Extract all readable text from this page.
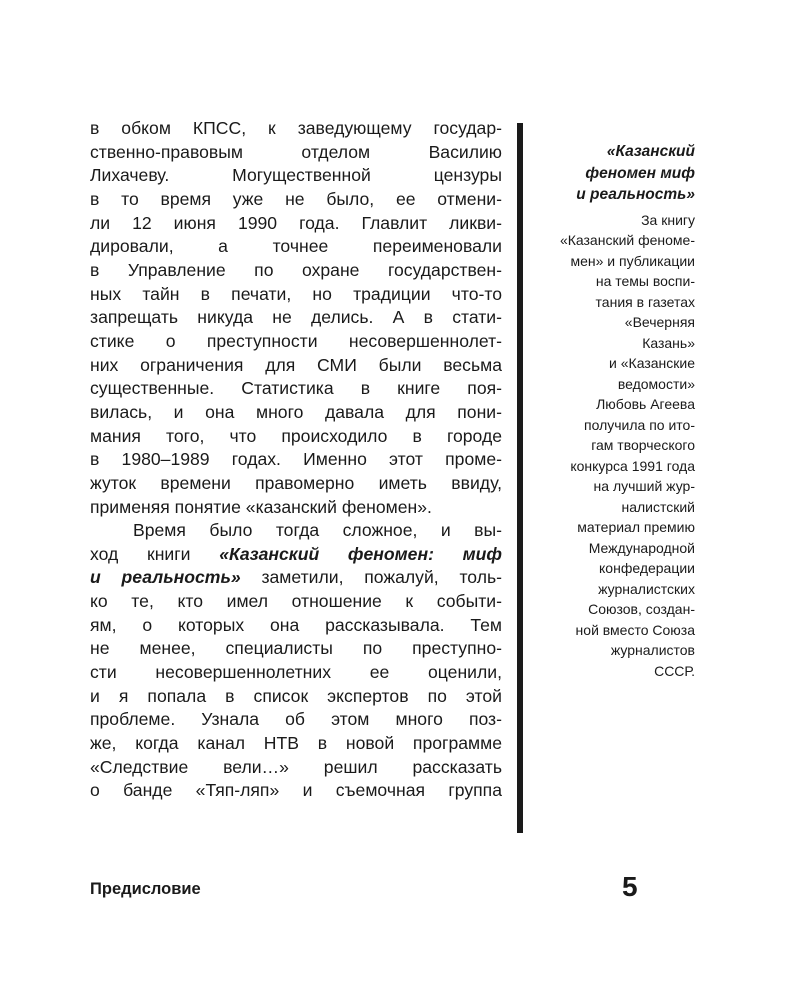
в обком КПСС, к заведующему государ-
ственно-правовым отделом Василию
Лихачеву. Могущественной цензуры
в то время уже не было, ее отмени-
ли 12 июня 1990 года. Главлит ликви-
дировали, а точнее переименовали
в Управление по охране государствен-
ных тайн в печати, но традиции что-то
запрещать никуда не делись. А в стати-
стике о преступности несовершеннолет-
них ограничения для СМИ были весьма
существенные. Статистика в книге поя-
вилась, и она много давала для пони-
мания того, что происходило в городе
в 1980–1989 годах. Именно этот проме-
жуток времени правомерно иметь ввиду,
применяя понятие «казанский феномен».
Время было тогда сложное, и вы-
ход книги «Казанский феномен: миф
и реальность» заметили, пожалуй, толь-
ко те, кто имел отношение к событи-
ям, о которых она рассказывала. Тем
не менее, специалисты по преступно-
сти несовершеннолетних ее оценили,
и я попала в список экспертов по этой
проблеме. Узнала об этом много поз-
же, когда канал НТВ в новой программе
«Следствие вели…» решил рассказать
о банде «Тяп-ляп» и съемочная группа

«Казанский
феномен миф
и реальность»

За книгу
«Казанский феноме-
мен» и публикации
на темы воспи-
тания в газетах
«Вечерняя
Казань»
и «Казанские
ведомости»
Любовь Агеева
получила по ито-
гам творческого
конкурса 1991 года
на лучший жур-
налистский
материал премию
Международной
конфедерации
журналистских
Союзов, создан-
ной вместо Союза
журналистов
СССР.

Предисловие	5
